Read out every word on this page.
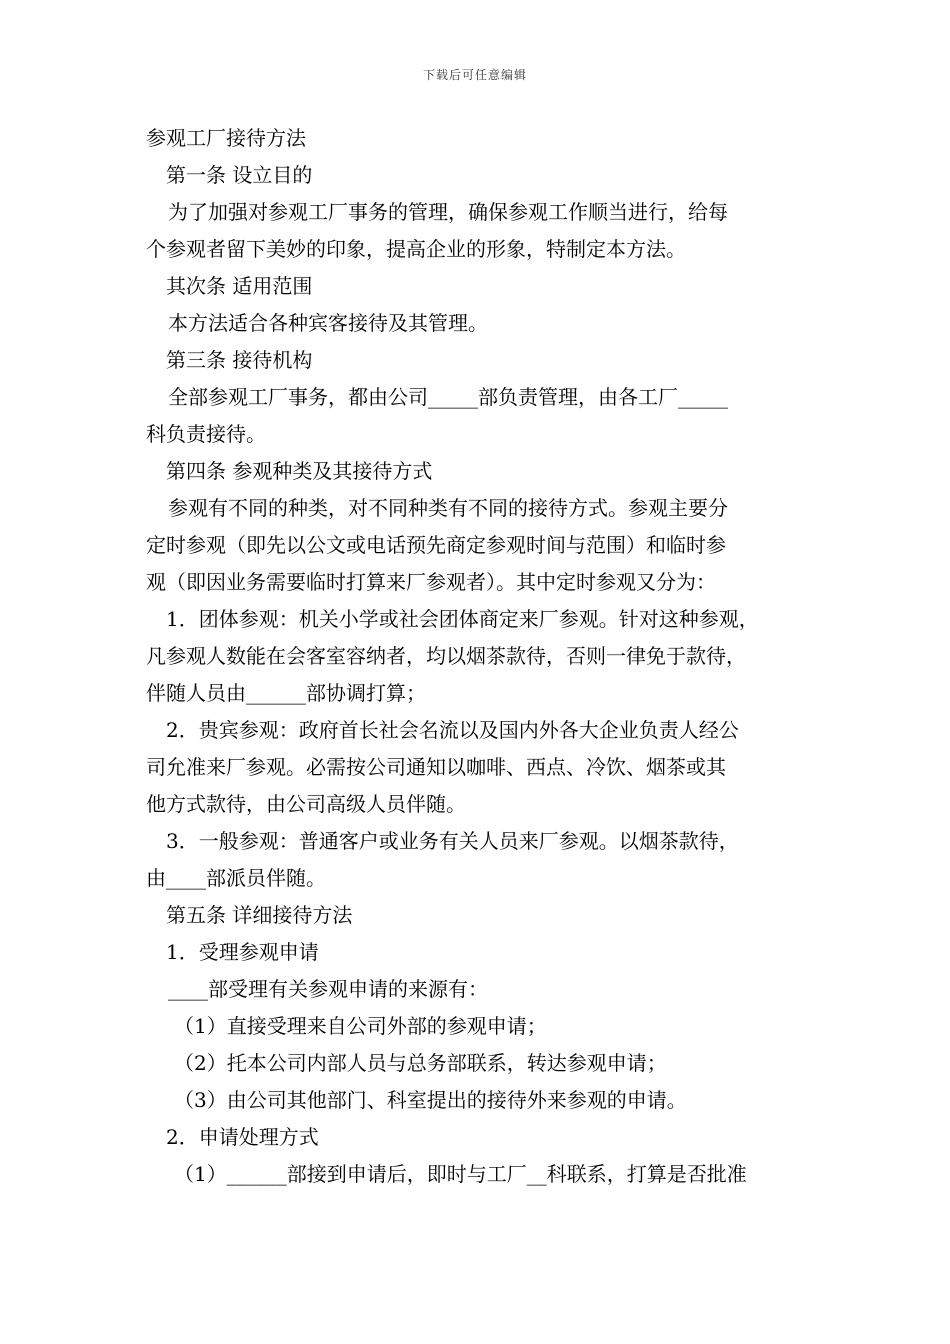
下载后可任意编辑
参观工厂接待方法
第一条 设立目的
为了加强对参观工厂事务的管理，确保参观工作顺当进行，给每
个参观者留下美妙的印象，提高企业的形象，特制定本方法。
其次条 适用范围
本方法适合各种宾客接待及其管理。
第三条 接待机构
全部参观工厂事务，都由公司_____部负责管理，由各工厂_____
科负责接待。
第四条 参观种类及其接待方式
参观有不同的种类，对不同种类有不同的接待方式。参观主要分
定时参观（即先以公文或电话预先商定参观时间与范围）和临时参
观（即因业务需要临时打算来厂参观者）。其中定时参观又分为：
1．团体参观：机关小学或社会团体商定来厂参观。针对这种参观，
凡参观人数能在会客室容纳者，均以烟茶款待，否则一律免于款待，
伴随人员由______部协调打算；
2．贵宾参观：政府首长社会名流以及国内外各大企业负责人经公
司允准来厂参观。必需按公司通知以咖啡、西点、冷饮、烟茶或其
他方式款待，由公司高级人员伴随。
3．一般参观：普通客户或业务有关人员来厂参观。以烟茶款待，
由____部派员伴随。
第五条 详细接待方法
1．受理参观申请
____部受理有关参观申请的来源有：
（1）直接受理来自公司外部的参观申请；
（2）托本公司内部人员与总务部联系，转达参观申请；
（3）由公司其他部门、科室提出的接待外来参观的申请。
2．申请处理方式
（1）______部接到申请后，即时与工厂__科联系，打算是否批准
